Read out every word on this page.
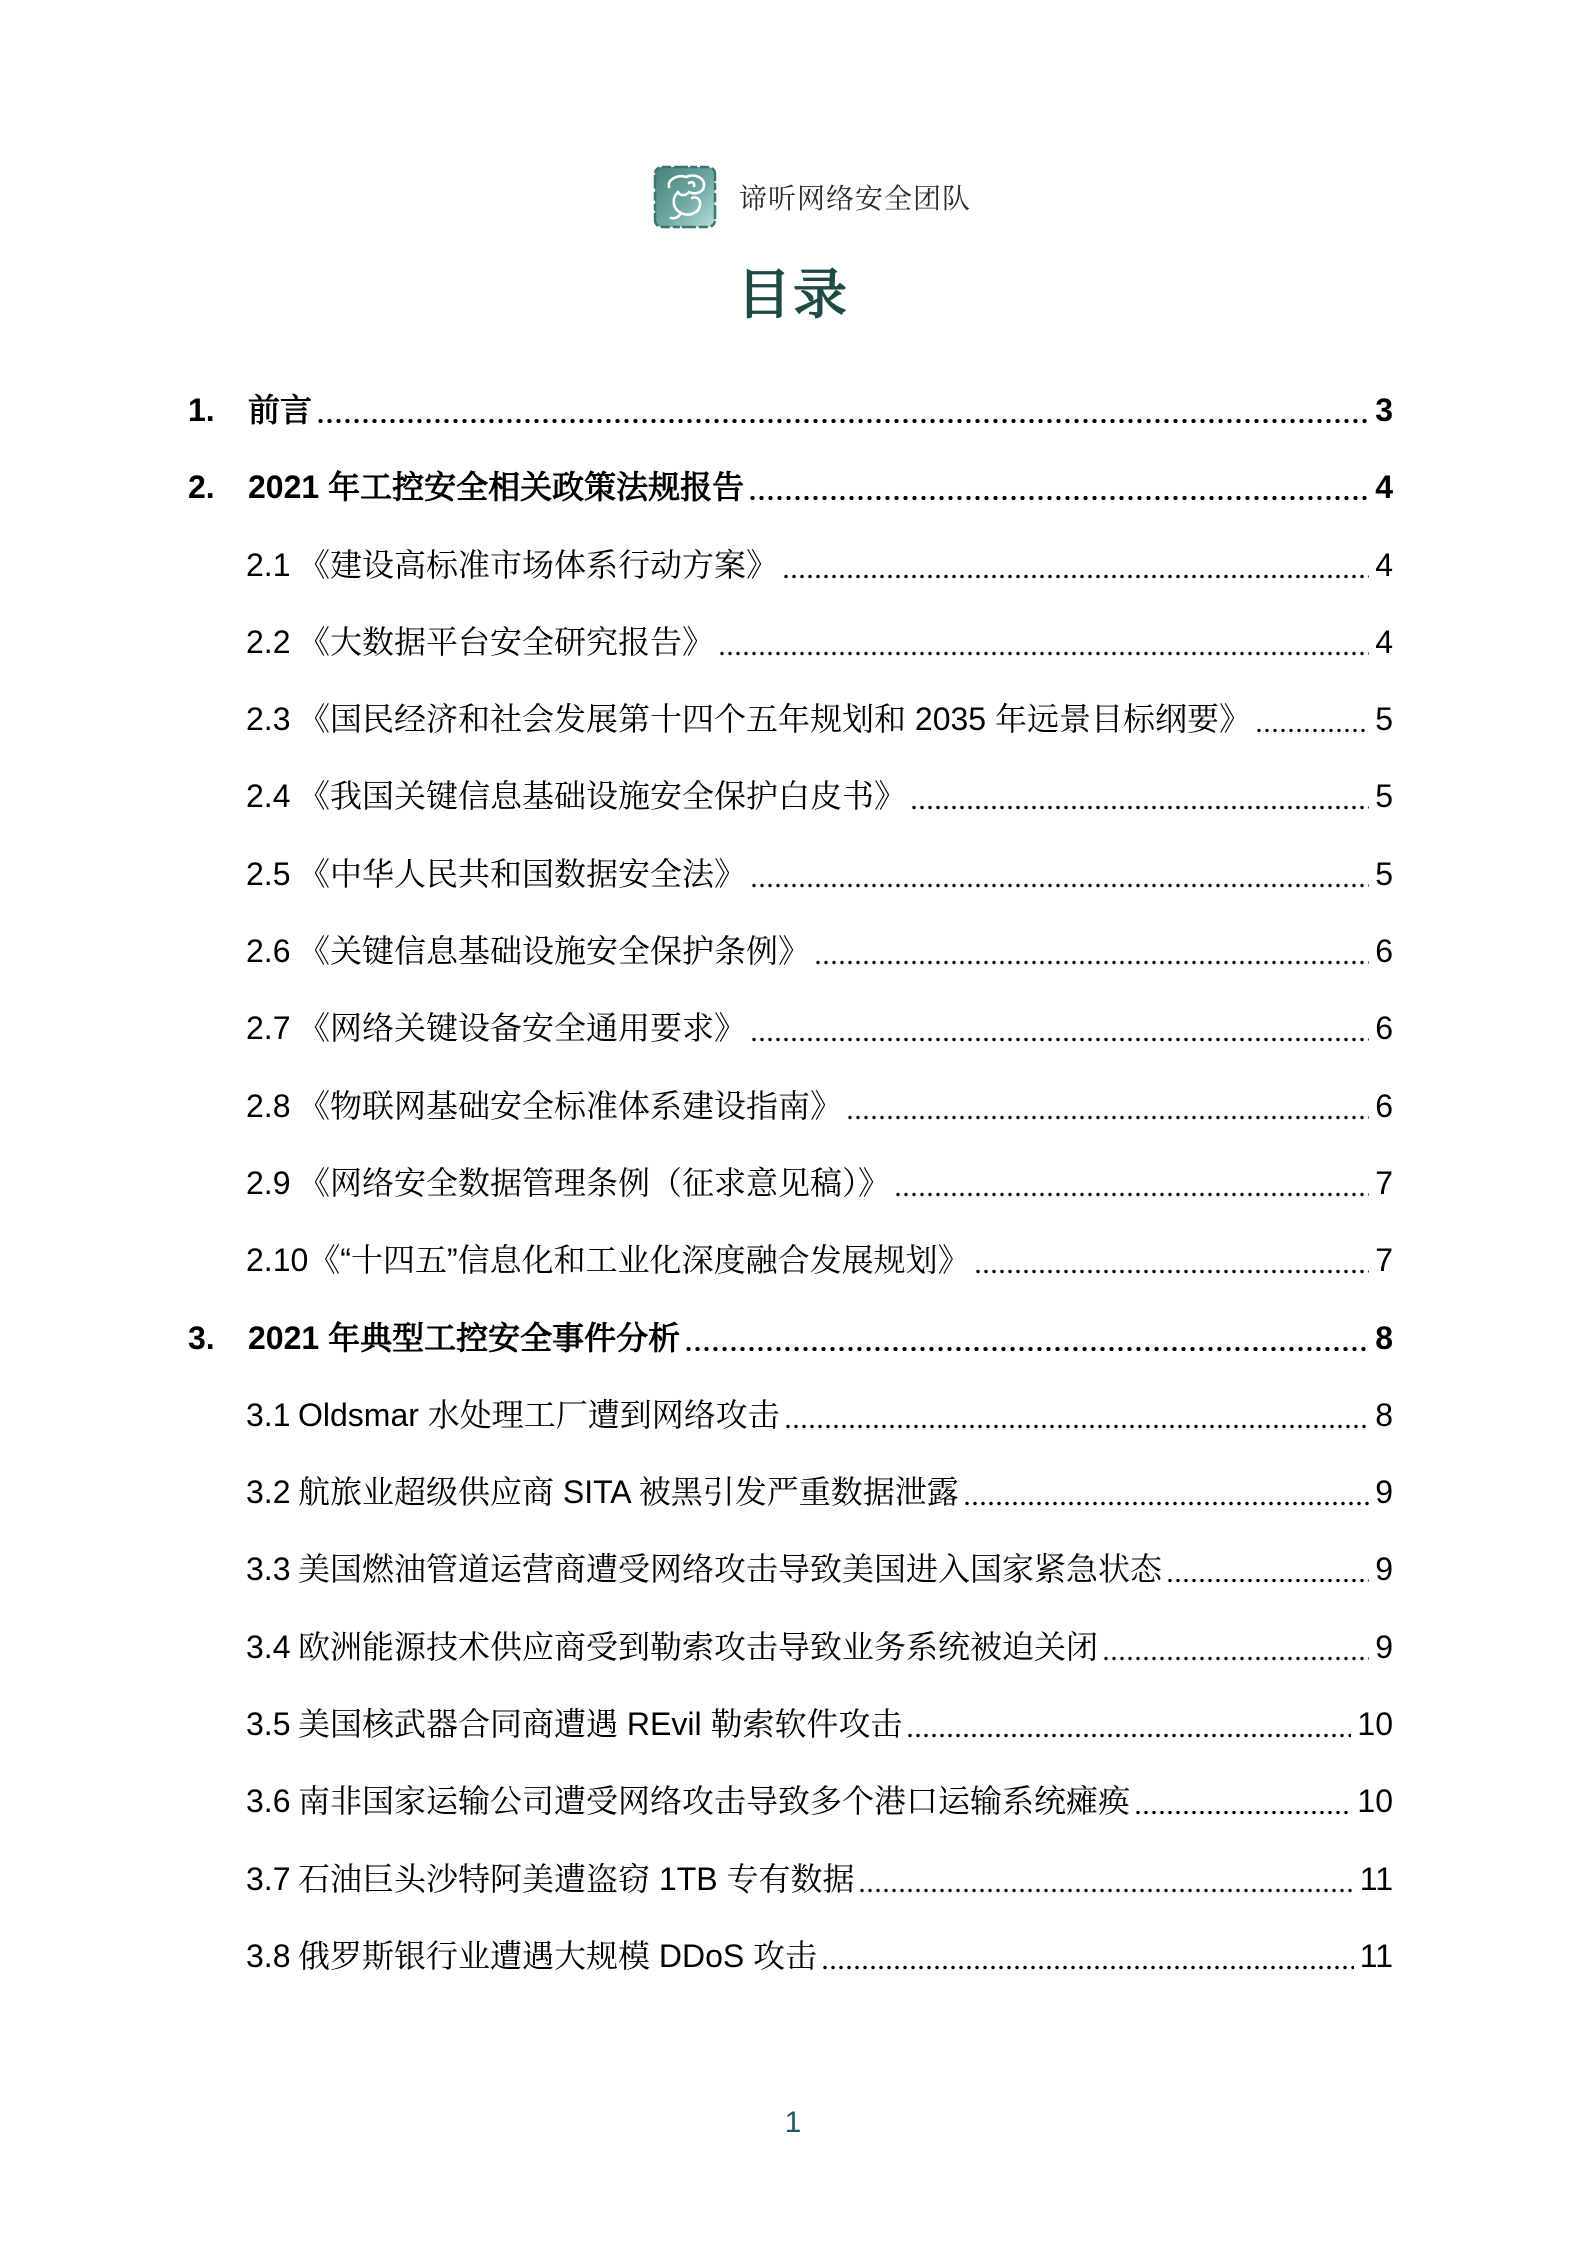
谛听网络安全团队
目录
1.	前言	3
2.	2021 年工控安全相关政策法规报告	4
2.1 《建设高标准市场体系行动方案》	4
2.2 《大数据平台安全研究报告》	4
2.3 《国民经济和社会发展第十四个五年规划和 2035 年远景目标纲要》	5
2.4 《我国关键信息基础设施安全保护白皮书》	5
2.5 《中华人民共和国数据安全法》	5
2.6 《关键信息基础设施安全保护条例》	6
2.7 《网络关键设备安全通用要求》	6
2.8 《物联网基础安全标准体系建设指南》	6
2.9 《网络安全数据管理条例（征求意见稿）》	7
2.10 《“十四五”信息化和工业化深度融合发展规划》	7
3.	2021 年典型工控安全事件分析	8
3.1 Oldsmar 水处理工厂遭到网络攻击	8
3.2 航旅业超级供应商 SITA 被黑引发严重数据泄露	9
3.3 美国燃油管道运营商遭受网络攻击导致美国进入国家紧急状态	9
3.4 欧洲能源技术供应商受到勒索攻击导致业务系统被迫关闭	9
3.5 美国核武器合同商遭遇 REvil 勒索软件攻击	10
3.6 南非国家运输公司遭受网络攻击导致多个港口运输系统瘫痪	10
3.7 石油巨头沙特阿美遭盗窃 1TB 专有数据	11
3.8 俄罗斯银行业遭遇大规模 DDoS 攻击	11
1
